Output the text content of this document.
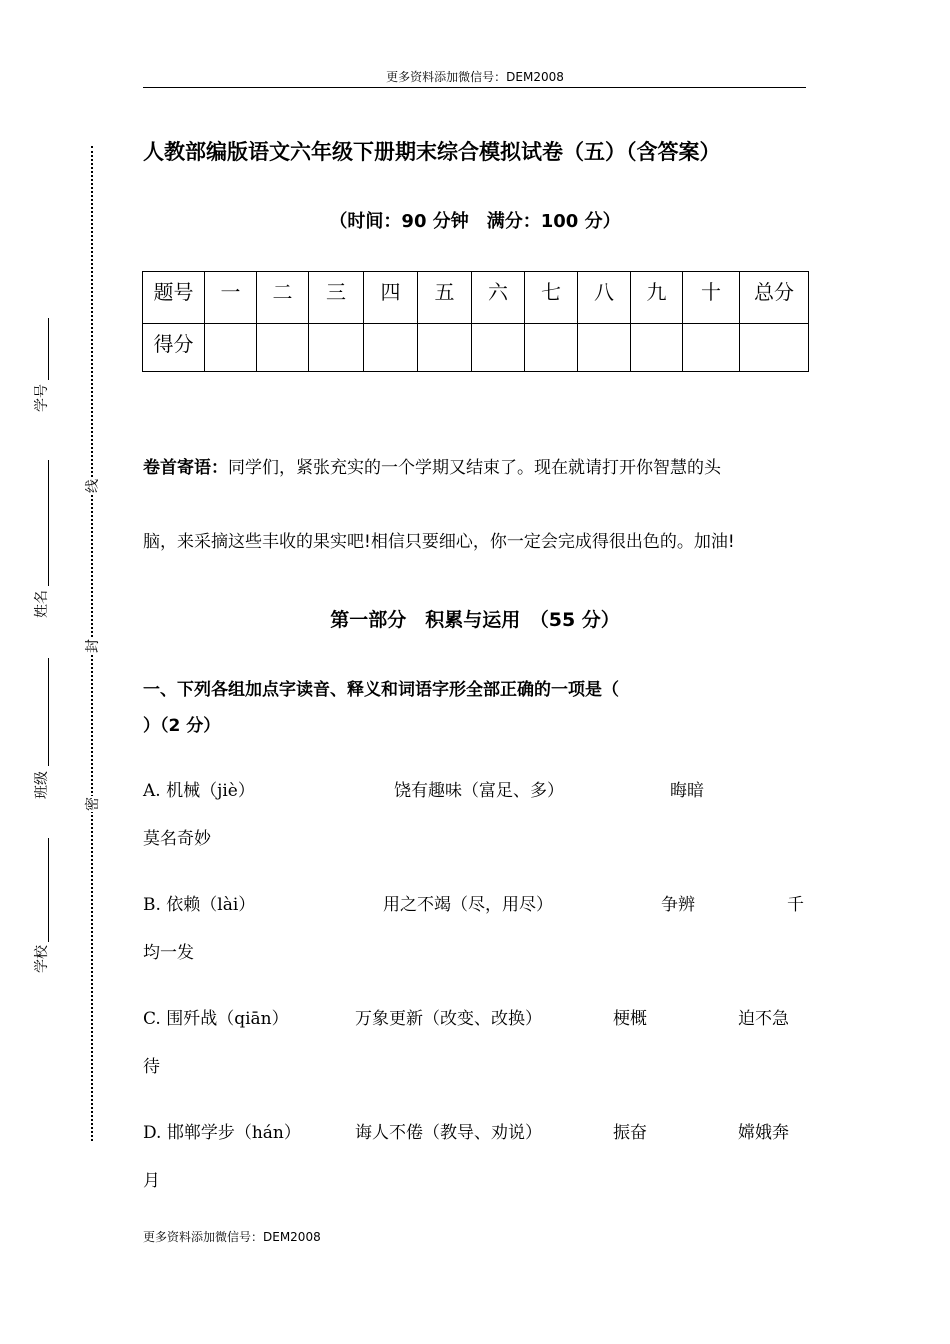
更多资料添加微信号：DEM2008
人教部编版语文六年级下册期末综合模拟试卷（五）（含答案）
（时间：90 分钟　满分：100 分）
题号	一	二	三	四	五	六	七	八	九	十	总分
得分											
卷首寄语：同学们，紧张充实的一个学期又结束了。现在就请打开你智慧的头
脑，来采摘这些丰收的果实吧!相信只要细心，你一定会完成得很出色的。加油!
第一部分　积累与运用　（55 分）
一、下列各组加点字读音、释义和词语字形全部正确的一项是（
）（2 分）
A. 机械（jiè）	饶有趣味（富足、多）	晦暗
莫名奇妙
B. 依赖（lài）	用之不竭（尽，用尽）	争辨	千
均一发
C. 围歼战（qiān）	万象更新（改变、改换）	梗概	迫不急
待
D. 邯郸学步（hán）	诲人不倦（教导、劝说）	振奋	嫦娥奔
月
线
封
密
学号
姓名
班级
学校
更多资料添加微信号：DEM2008
